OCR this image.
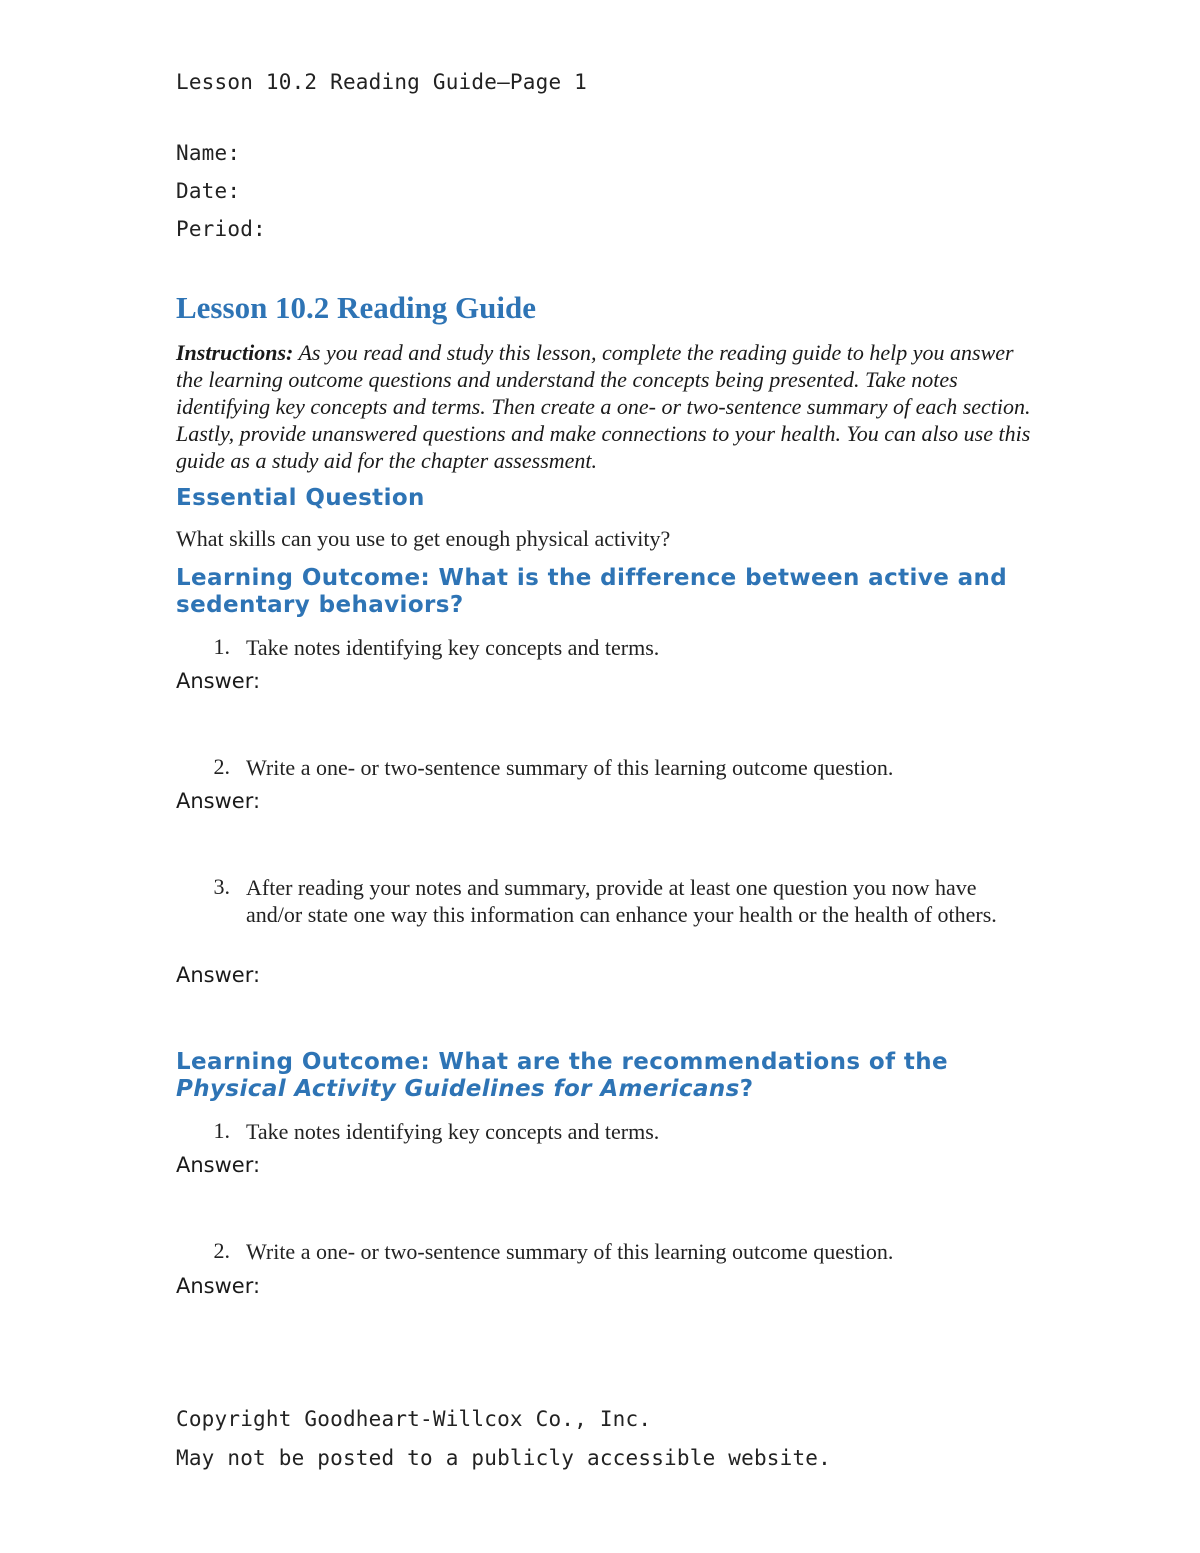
Lesson 10.2 Reading Guide—Page 1
Name:
Date:
Period:
Lesson 10.2 Reading Guide
Instructions: As you read and study this lesson, complete the reading guide to help you answer the learning outcome questions and understand the concepts being presented. Take notes identifying key concepts and terms. Then create a one- or two-sentence summary of each section. Lastly, provide unanswered questions and make connections to your health. You can also use this guide as a study aid for the chapter assessment.
Essential Question
What skills can you use to get enough physical activity?
Learning Outcome: What is the difference between active and
sedentary behaviors?
1. Take notes identifying key concepts and terms.
Answer:
2. Write a one- or two-sentence summary of this learning outcome question.
Answer:
3. After reading your notes and summary, provide at least one question you now have and/or state one way this information can enhance your health or the health of others.
Answer:
Learning Outcome: What are the recommendations of the
Physical Activity Guidelines for Americans?
1. Take notes identifying key concepts and terms.
Answer:
2. Write a one- or two-sentence summary of this learning outcome question.
Answer:
Copyright Goodheart-Willcox Co., Inc.
May not be posted to a publicly accessible website.
